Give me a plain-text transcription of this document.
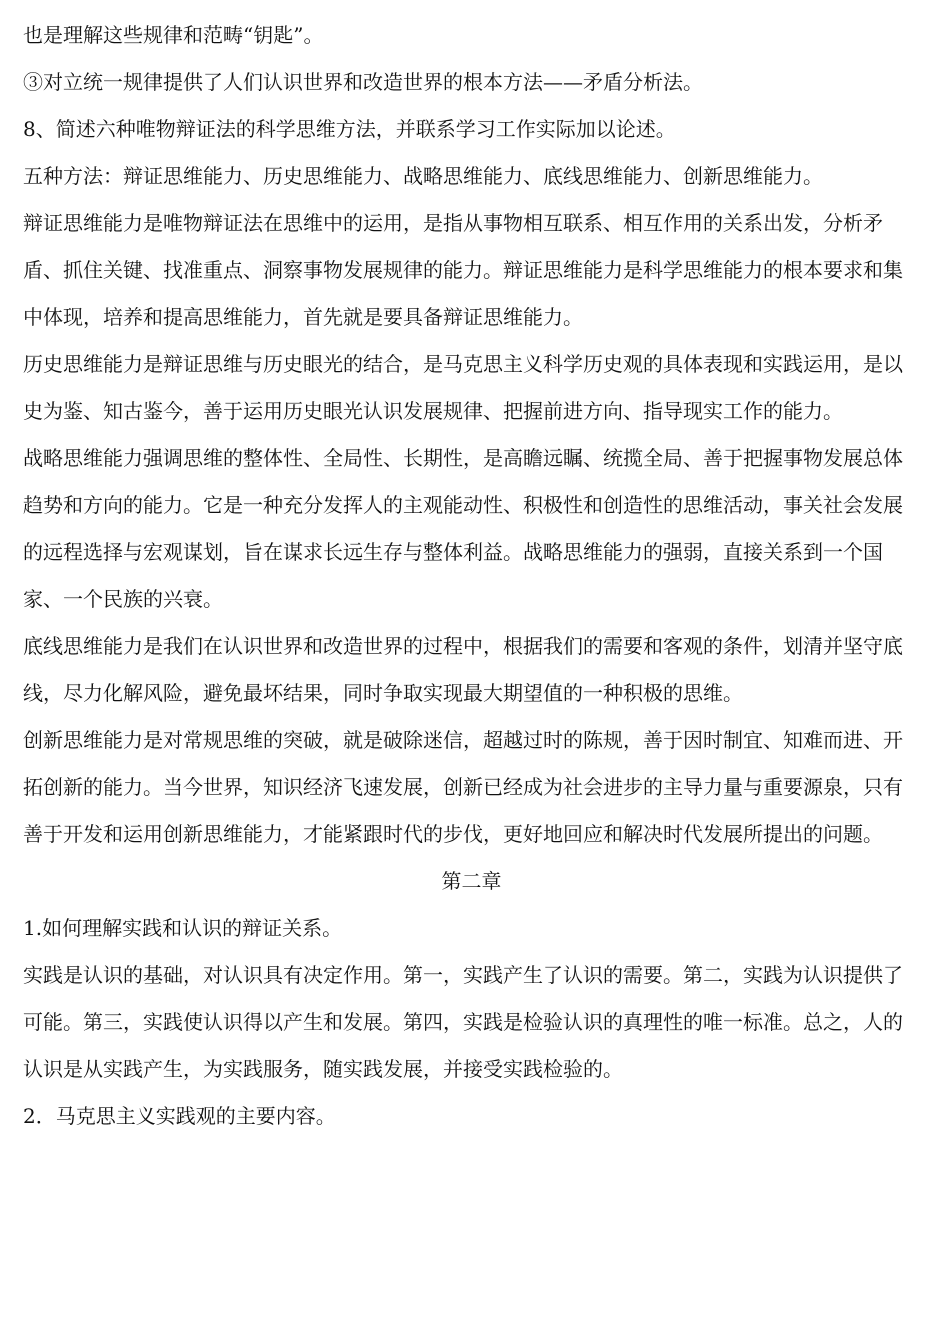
也是理解这些规律和范畴“钥匙”。

③对立统一规律提供了人们认识世界和改造世界的根本方法——矛盾分析法。

8、简述六种唯物辩证法的科学思维方法，并联系学习工作实际加以论述。

五种方法：辩证思维能力、历史思维能力、战略思维能力、底线思维能力、创新思维能力。

辩证思维能力是唯物辩证法在思维中的运用，是指从事物相互联系、相互作用的关系出发，分析矛盾、抓住关键、找准重点、洞察事物发展规律的能力。辩证思维能力是科学思维能力的根本要求和集中体现，培养和提高思维能力，首先就是要具备辩证思维能力。

历史思维能力是辩证思维与历史眼光的结合，是马克思主义科学历史观的具体表现和实践运用，是以史为鉴、知古鉴今，善于运用历史眼光认识发展规律、把握前进方向、指导现实工作的能力。

战略思维能力强调思维的整体性、全局性、长期性，是高瞻远瞩、统揽全局、善于把握事物发展总体趋势和方向的能力。它是一种充分发挥人的主观能动性、积极性和创造性的思维活动，事关社会发展的远程选择与宏观谋划，旨在谋求长远生存与整体利益。战略思维能力的强弱，直接关系到一个国家、一个民族的兴衰。

底线思维能力是我们在认识世界和改造世界的过程中，根据我们的需要和客观的条件，划清并坚守底线，尽力化解风险，避免最坏结果，同时争取实现最大期望值的一种积极的思维。

创新思维能力是对常规思维的突破，就是破除迷信，超越过时的陈规，善于因时制宜、知难而进、开拓创新的能力。当今世界，知识经济飞速发展，创新已经成为社会进步的主导力量与重要源泉，只有善于开发和运用创新思维能力，才能紧跟时代的步伐，更好地回应和解决时代发展所提出的问题。

第二章

1.如何理解实践和认识的辩证关系。

实践是认识的基础，对认识具有决定作用。第一，实践产生了认识的需要。第二，实践为认识提供了可能。第三，实践使认识得以产生和发展。第四，实践是检验认识的真理性的唯一标准。总之，人的认识是从实践产生，为实践服务，随实践发展，并接受实践检验的。

2．马克思主义实践观的主要内容。
